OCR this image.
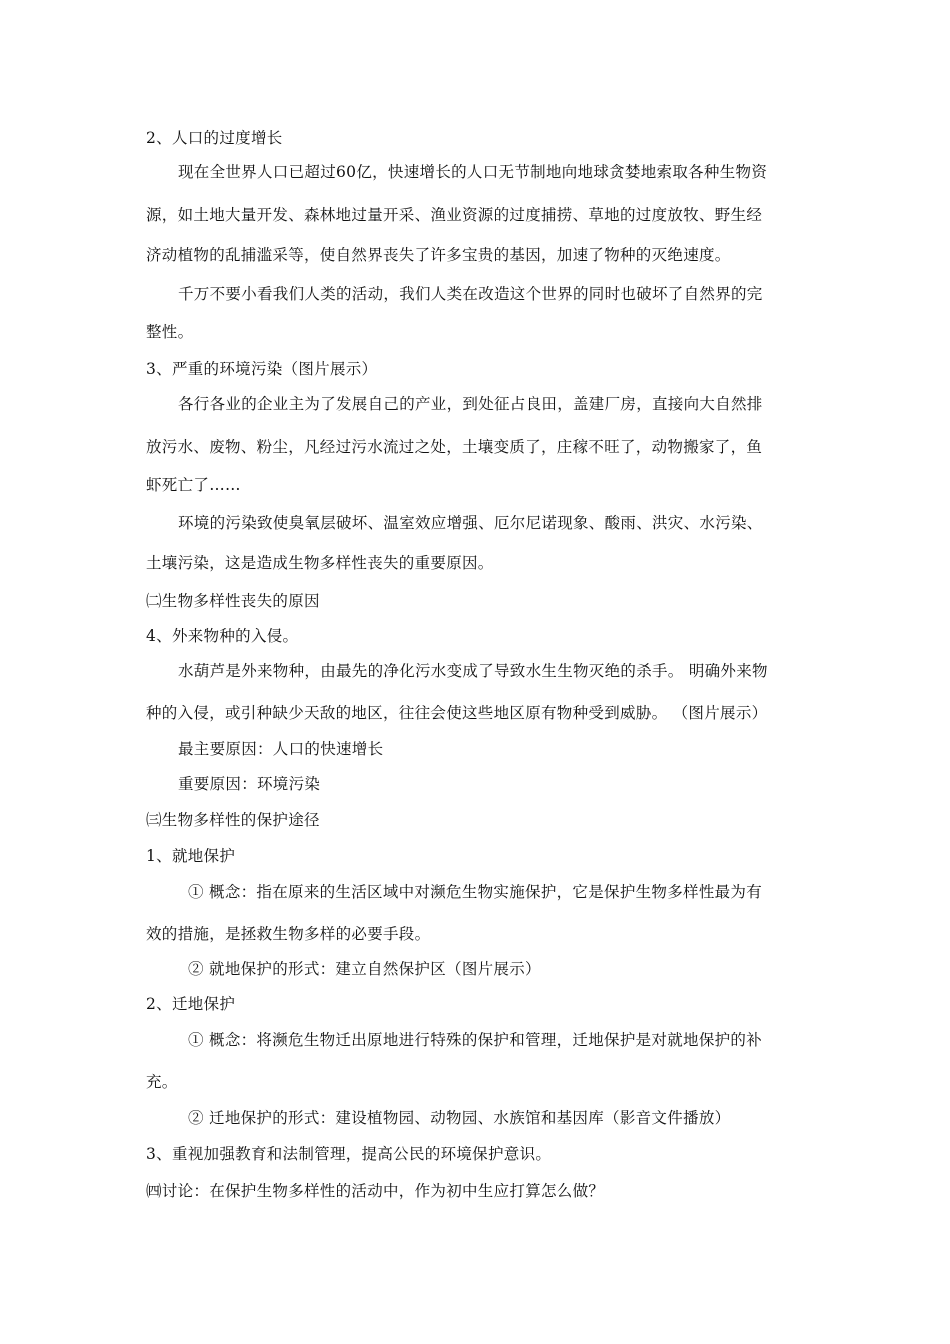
2、人口的过度增长
现在全世界人口已超过60亿，快速增长的人口无节制地向地球贪婪地索取各种生物资
源，如土地大量开发、森林地过量开采、渔业资源的过度捕捞、草地的过度放牧、野生经
济动植物的乱捕滥采等，使自然界丧失了许多宝贵的基因，加速了物种的灭绝速度。
千万不要小看我们人类的活动，我们人类在改造这个世界的同时也破坏了自然界的完
整性。
3、严重的环境污染（图片展示）
各行各业的企业主为了发展自己的产业，到处征占良田，盖建厂房，直接向大自然排
放污水、废物、粉尘，凡经过污水流过之处，土壤变质了，庄稼不旺了，动物搬家了，鱼
虾死亡了……
环境的污染致使臭氧层破坏、温室效应增强、厄尔尼诺现象、酸雨、洪灾、水污染、
土壤污染，这是造成生物多样性丧失的重要原因。
㈡生物多样性丧失的原因
4、外来物种的入侵。
水葫芦是外来物种，由最先的净化污水变成了导致水生生物灭绝的杀手。 明确外来物
种的入侵，或引种缺少天敌的地区，往往会使这些地区原有物种受到威胁。 （图片展示）
最主要原因：人口的快速增长
重要原因：环境污染
㈢生物多样性的保护途径
1、就地保护
① 概念：指在原来的生活区域中对濒危生物实施保护，它是保护生物多样性最为有
效的措施，是拯救生物多样的必要手段。
② 就地保护的形式：建立自然保护区（图片展示）
2、迁地保护
① 概念：将濒危生物迁出原地进行特殊的保护和管理，迁地保护是对就地保护的补
充。
② 迁地保护的形式：建设植物园、动物园、水族馆和基因库（影音文件播放）
3、重视加强教育和法制管理，提高公民的环境保护意识。
㈣讨论：在保护生物多样性的活动中，作为初中生应打算怎么做？
